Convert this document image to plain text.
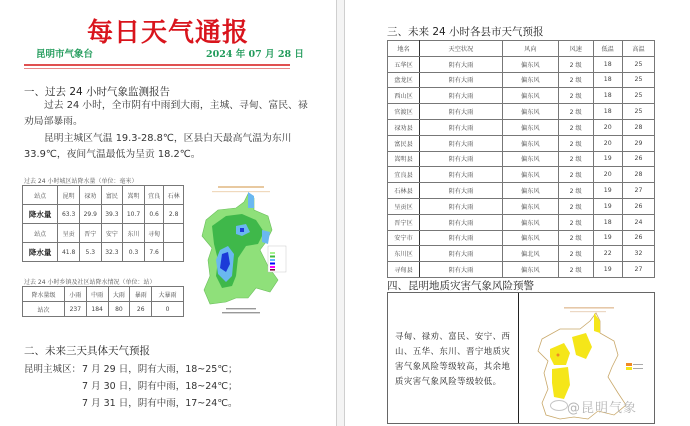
每日天气通报
昆明市气象台	2024 年 07 月 28 日
一、过去 24 小时气象监测报告
过去 24 小时，全市阴有中雨到大雨，主城、寻甸、富民、禄
劝局部暴雨。
昆明主城区气温 19.3-28.8℃，区县白天最高气温为东川
33.9℃，夜间气温最低为呈贡 18.2℃。
过去 24 小时城区站降水量（单位：毫米）
站点	昆明	禄劝	富民	嵩明	宜良	石林
降水量	63.3	29.9	39.3	10.7	0.6	2.8
站点	呈贡	晋宁	安宁	东川	寻甸	
降水量	41.8	5.3	32.3	0.3	7.6	
过去 24 小时乡镇及社区站降水情况（单位：站）
降水量级	小雨	中雨	大雨	暴雨	大暴雨
站次	237	184	80	26	0
二、未来三天具体天气预报
昆明主城区： 7 月 29 日，阴有大雨，18~25℃；
7 月 30 日，阴有中雨，18~24℃；
7 月 31 日，阴有中雨，17~24℃。
三、未来 24 小时各县市天气预报
地名	天空状况	风向	风速	低温	高温
五华区	阴有大雨	偏东风	2 级	18	25
盘龙区	阴有大雨	偏东风	2 级	18	25
西山区	阴有大雨	偏东风	2 级	18	25
官渡区	阴有大雨	偏东风	2 级	18	25
禄劝县	阴有大雨	偏东风	2 级	20	28
富民县	阴有大雨	偏东风	2 级	20	29
嵩明县	阴有大雨	偏东风	2 级	19	26
宜良县	阴有大雨	偏东风	2 级	20	28
石林县	阴有大雨	偏东风	2 级	19	27
呈贡区	阴有大雨	偏东风	2 级	19	26
晋宁区	阴有大雨	偏东风	2 级	18	24
安宁市	阴有大雨	偏东风	2 级	19	26
东川区	阴有大雨	偏北风	2 级	22	32
寻甸县	阴有大雨	偏东风	2 级	19	27
四、昆明地质灾害气象风险预警
寻甸、禄劝、富民、安宁、西
山、五华、东川、晋宁地质灾
害气象风险等级较高，其余地
质灾害气象风险等级较低。
@昆明气象
